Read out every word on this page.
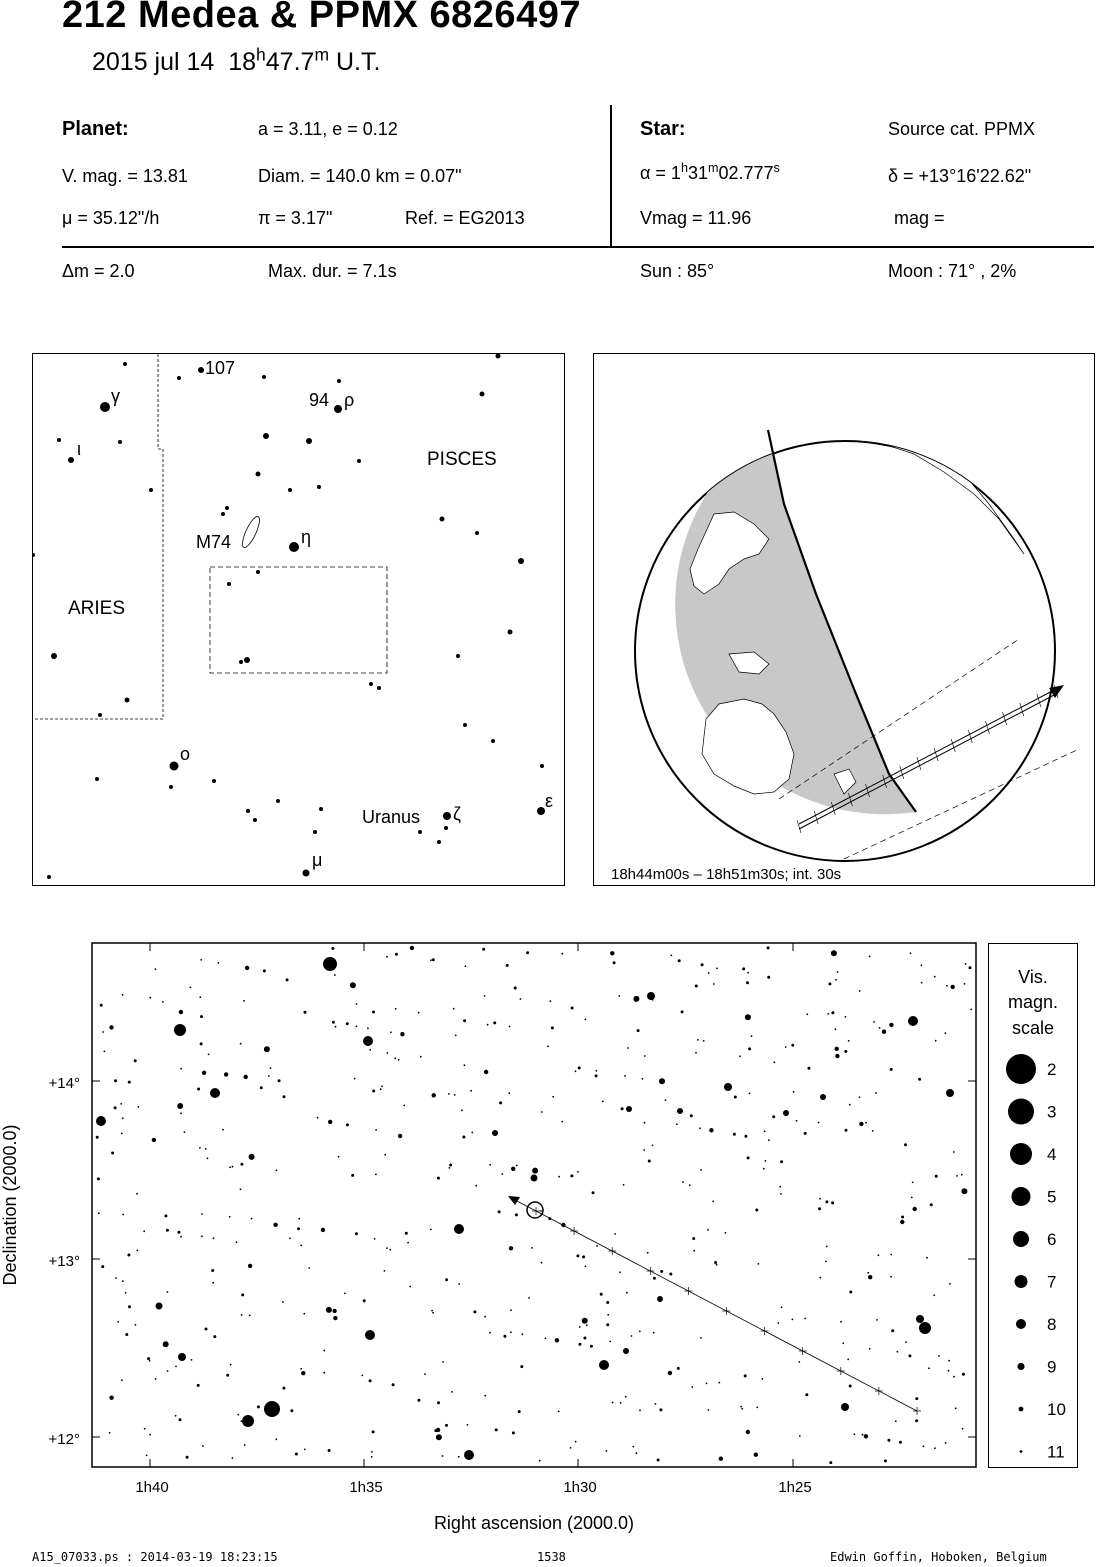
212 Medea & PPMX 6826497
2015 jul 14 18$^h$47.7$^m$ U.T.
Planet:	a = 3.11, e = 0.12
V. mag. = 13.81	Diam. = 140.0 km = 0.07"
μ = 35.12"/h	π = 3.17"	Ref. = EG2013
Star:	Source cat. PPMX
$\alpha = 1^h31^m02.777^s$	δ = +13°16'22.62"
Vmag = 11.96	mag =
Δm = 2.0	Max. dur. = 7.1s	Sun : 85°	Moon : 71° , 2%
107
γ	94 ρ
ι	PISCES
M74	η
ARIES
o
ε
Uranus ζ
μ
18h44m00s – 18h51m30s; int. 30s
+14°
+13°
+12°
1h40	1h35	1h30	1h25
Right ascension (2000.0)
Declination (2000.0)
Vis.
magn.
scale
2
3
4
5
6
7
8
9
10
11
A15_07033.ps : 2014-03-19 18:23:15	1538	Edwin Goffin, Hoboken, Belgium
